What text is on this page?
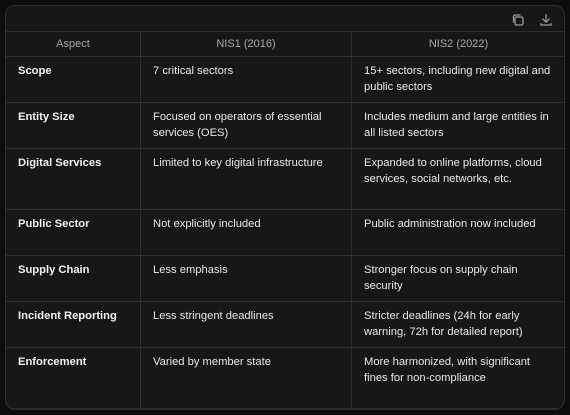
Aspect	NIS1 (2016)	NIS2 (2022)
Scope	7 critical sectors	15+ sectors, including new digital and public sectors
Entity Size	Focused on operators of essential services (OES)	Includes medium and large entities in all listed sectors
Digital Services	Limited to key digital infrastructure	Expanded to online platforms, cloud services, social networks, etc.
Public Sector	Not explicitly included	Public administration now included
Supply Chain	Less emphasis	Stronger focus on supply chain security
Incident Reporting	Less stringent deadlines	Stricter deadlines (24h for early warning, 72h for detailed report)
Enforcement	Varied by member state	More harmonized, with significant fines for non-compliance
